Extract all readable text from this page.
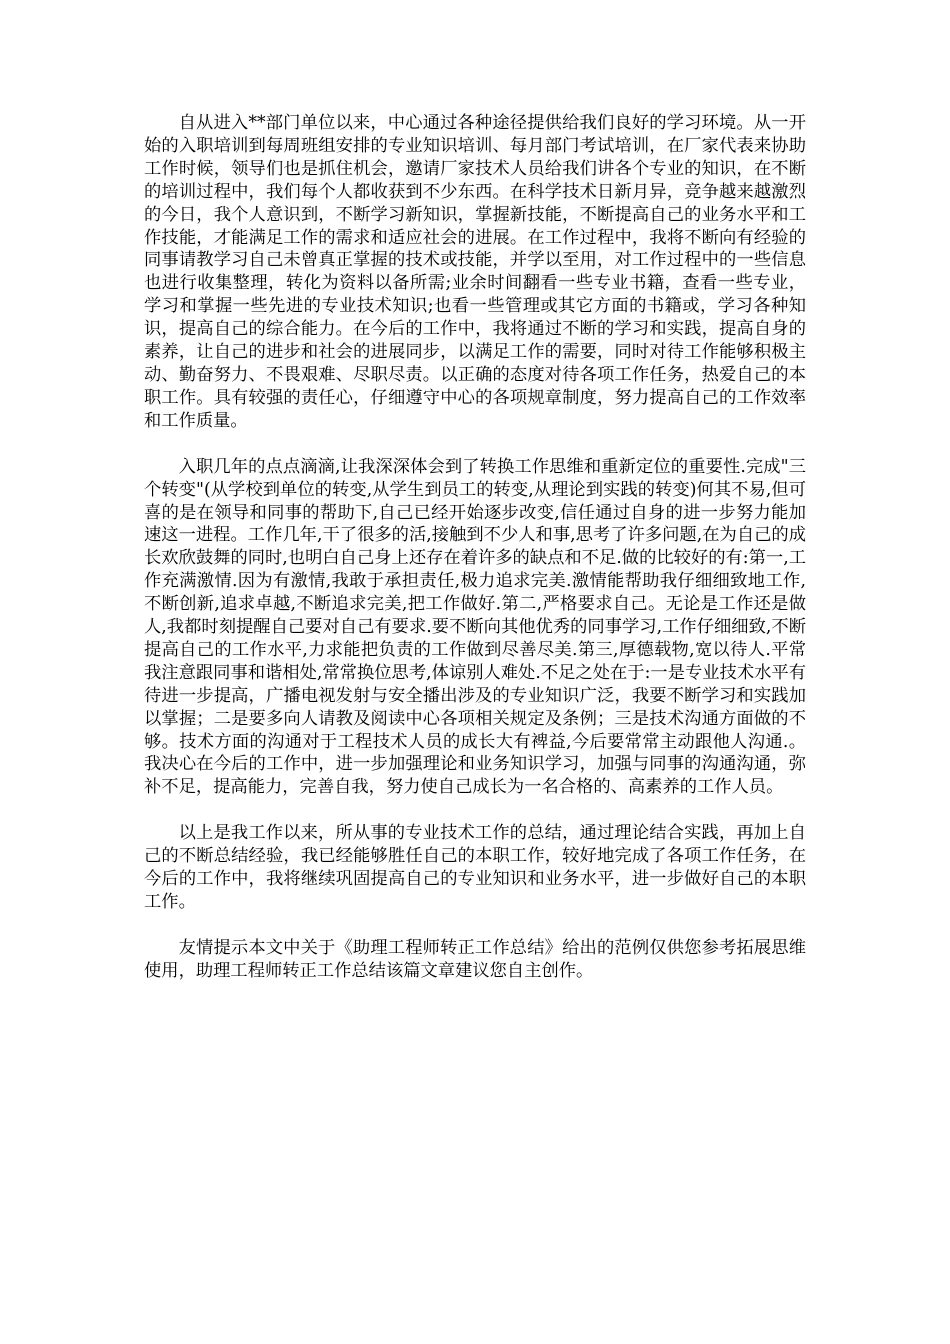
自从进入**部门单位以来，中心通过各种途径提供给我们良好的学习环境。从一开始的入职培训到每周班组安排的专业知识培训、每月部门考试培训，在厂家代表来协助工作时候，领导们也是抓住机会，邀请厂家技术人员给我们讲各个专业的知识，在不断的培训过程中，我们每个人都收获到不少东西。在科学技术日新月异，竞争越来越激烈的今日，我个人意识到，不断学习新知识，掌握新技能，不断提高自己的业务水平和工作技能，才能满足工作的需求和适应社会的进展。在工作过程中，我将不断向有经验的同事请教学习自己未曾真正掌握的技术或技能，并学以至用，对工作过程中的一些信息也进行收集整理，转化为资料以备所需;业余时间翻看一些专业书籍，查看一些专业，学习和掌握一些先进的专业技术知识;也看一些管理或其它方面的书籍或，学习各种知识，提高自己的综合能力。在今后的工作中，我将通过不断的学习和实践，提高自身的素养，让自己的进步和社会的进展同步，以满足工作的需要，同时对待工作能够积极主动、勤奋努力、不畏艰难、尽职尽责。以正确的态度对待各项工作任务，热爱自己的本职工作。具有较强的责任心，仔细遵守中心的各项规章制度，努力提高自己的工作效率和工作质量。

入职几年的点点滴滴,让我深深体会到了转换工作思维和重新定位的重要性.完成"三个转变"(从学校到单位的转变,从学生到员工的转变,从理论到实践的转变)何其不易,但可喜的是在领导和同事的帮助下,自己已经开始逐步改变,信任通过自身的进一步努力能加速这一进程。工作几年,干了很多的活,接触到不少人和事,思考了许多问题,在为自己的成长欢欣鼓舞的同时,也明白自己身上还存在着许多的缺点和不足.做的比较好的有:第一,工作充满激情.因为有激情,我敢于承担责任,极力追求完美.激情能帮助我仔细细致地工作,不断创新,追求卓越,不断追求完美,把工作做好.第二,严格要求自己。无论是工作还是做人,我都时刻提醒自己要对自己有要求.要不断向其他优秀的同事学习,工作仔细细致,不断提高自己的工作水平,力求能把负责的工作做到尽善尽美.第三,厚德载物,宽以待人.平常我注意跟同事和谐相处,常常换位思考,体谅别人难处.不足之处在于:一是专业技术水平有待进一步提高，广播电视发射与安全播出涉及的专业知识广泛，我要不断学习和实践加以掌握；二是要多向人请教及阅读中心各项相关规定及条例；三是技术沟通方面做的不够。技术方面的沟通对于工程技术人员的成长大有裨益,今后要常常主动跟他人沟通.。我决心在今后的工作中，进一步加强理论和业务知识学习，加强与同事的沟通沟通，弥补不足，提高能力，完善自我，努力使自己成长为一名合格的、高素养的工作人员。

以上是我工作以来，所从事的专业技术工作的总结，通过理论结合实践，再加上自己的不断总结经验，我已经能够胜任自己的本职工作，较好地完成了各项工作任务，在今后的工作中，我将继续巩固提高自己的专业知识和业务水平，进一步做好自己的本职工作。

友情提示本文中关于《助理工程师转正工作总结》给出的范例仅供您参考拓展思维使用，助理工程师转正工作总结该篇文章建议您自主创作。
